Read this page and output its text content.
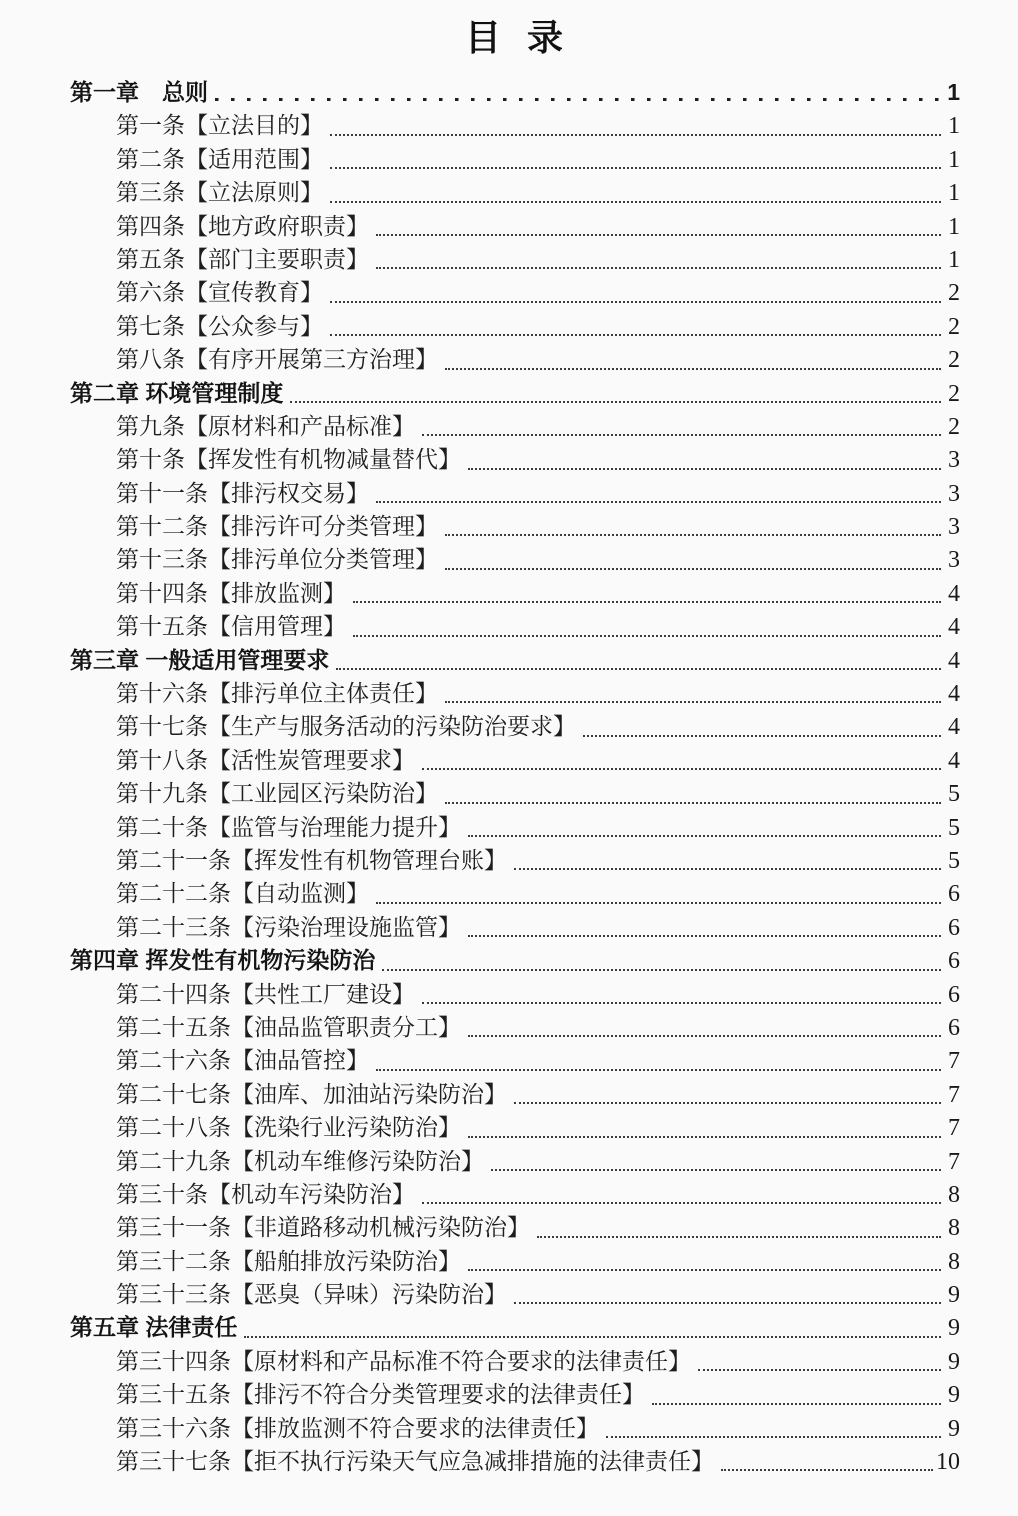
目  录
第一章　总则	1
第一条【立法目的】	1
第二条【适用范围】	1
第三条【立法原则】	1
第四条【地方政府职责】	1
第五条【部门主要职责】	1
第六条【宣传教育】	2
第七条【公众参与】	2
第八条【有序开展第三方治理】	2
第二章 环境管理制度	2
第九条【原材料和产品标准】	2
第十条【挥发性有机物减量替代】	3
第十一条【排污权交易】	3
第十二条【排污许可分类管理】	3
第十三条【排污单位分类管理】	3
第十四条【排放监测】	4
第十五条【信用管理】	4
第三章 一般适用管理要求	4
第十六条【排污单位主体责任】	4
第十七条【生产与服务活动的污染防治要求】	4
第十八条【活性炭管理要求】	4
第十九条【工业园区污染防治】	5
第二十条【监管与治理能力提升】	5
第二十一条【挥发性有机物管理台账】	5
第二十二条【自动监测】	6
第二十三条【污染治理设施监管】	6
第四章 挥发性有机物污染防治	6
第二十四条【共性工厂建设】	6
第二十五条【油品监管职责分工】	6
第二十六条【油品管控】	7
第二十七条【油库、加油站污染防治】	7
第二十八条【洗染行业污染防治】	7
第二十九条【机动车维修污染防治】	7
第三十条【机动车污染防治】	8
第三十一条【非道路移动机械污染防治】	8
第三十二条【船舶排放污染防治】	8
第三十三条【恶臭（异味）污染防治】	9
第五章 法律责任	9
第三十四条【原材料和产品标准不符合要求的法律责任】	9
第三十五条【排污不符合分类管理要求的法律责任】	9
第三十六条【排放监测不符合要求的法律责任】	9
第三十七条【拒不执行污染天气应急减排措施的法律责任】	10
